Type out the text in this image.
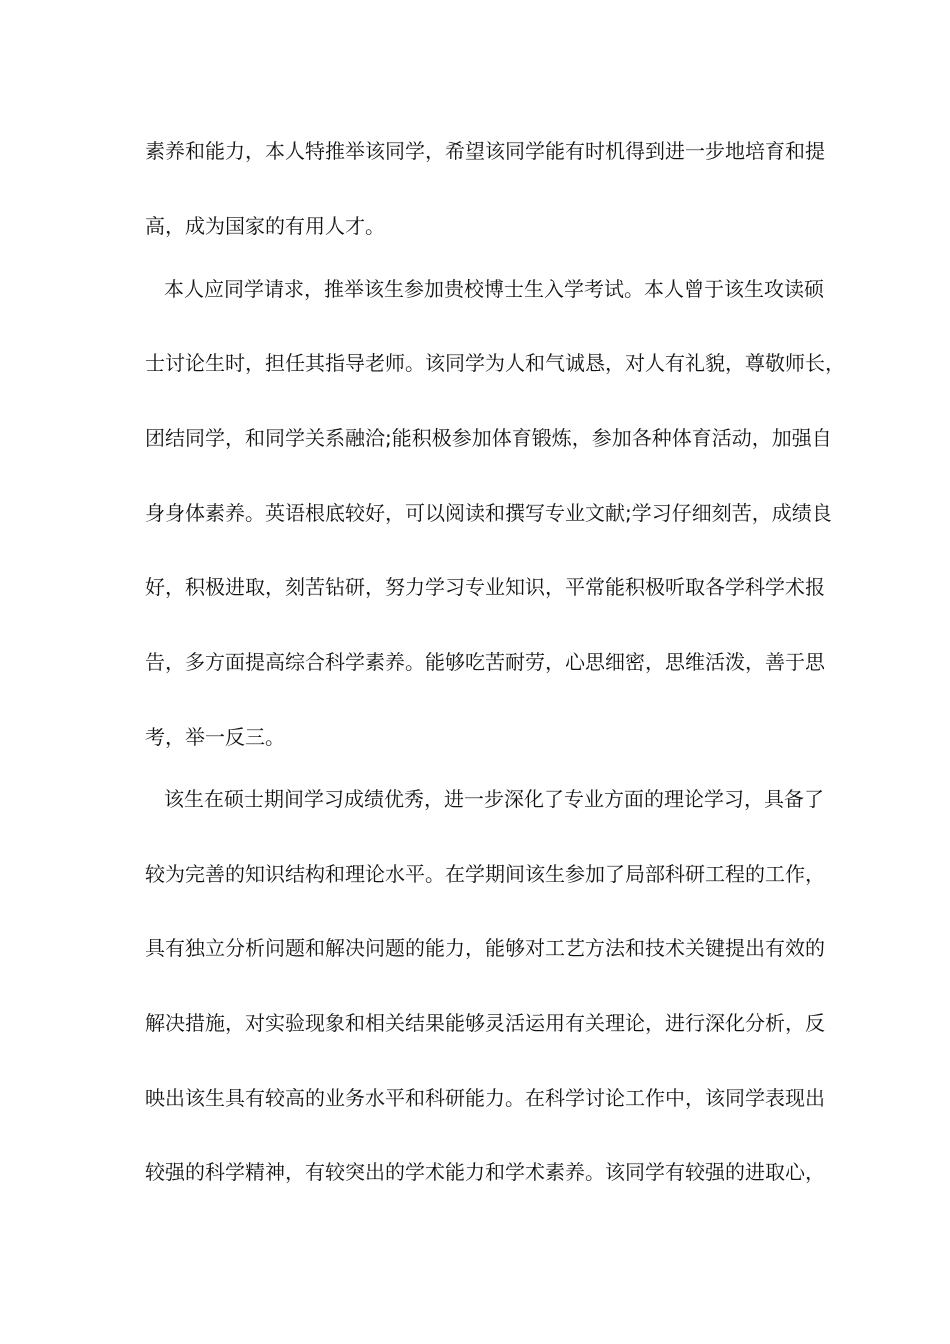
素养和能力，本人特推举该同学，希望该同学能有时机得到进一步地培育和提
高，成为国家的有用人才。
本人应同学请求，推举该生参加贵校博士生入学考试。本人曾于该生攻读硕
士讨论生时，担任其指导老师。该同学为人和气诚恳，对人有礼貌，尊敬师长，
团结同学，和同学关系融洽;能积极参加体育锻炼，参加各种体育活动，加强自
身身体素养。英语根底较好，可以阅读和撰写专业文献;学习仔细刻苦，成绩良
好，积极进取，刻苦钻研，努力学习专业知识，平常能积极听取各学科学术报
告，多方面提高综合科学素养。能够吃苦耐劳，心思细密，思维活泼，善于思
考，举一反三。
该生在硕士期间学习成绩优秀，进一步深化了专业方面的理论学习，具备了
较为完善的知识结构和理论水平。在学期间该生参加了局部科研工程的工作，
具有独立分析问题和解决问题的能力，能够对工艺方法和技术关键提出有效的
解决措施，对实验现象和相关结果能够灵活运用有关理论，进行深化分析，反
映出该生具有较高的业务水平和科研能力。在科学讨论工作中，该同学表现出
较强的科学精神，有较突出的学术能力和学术素养。该同学有较强的进取心，
